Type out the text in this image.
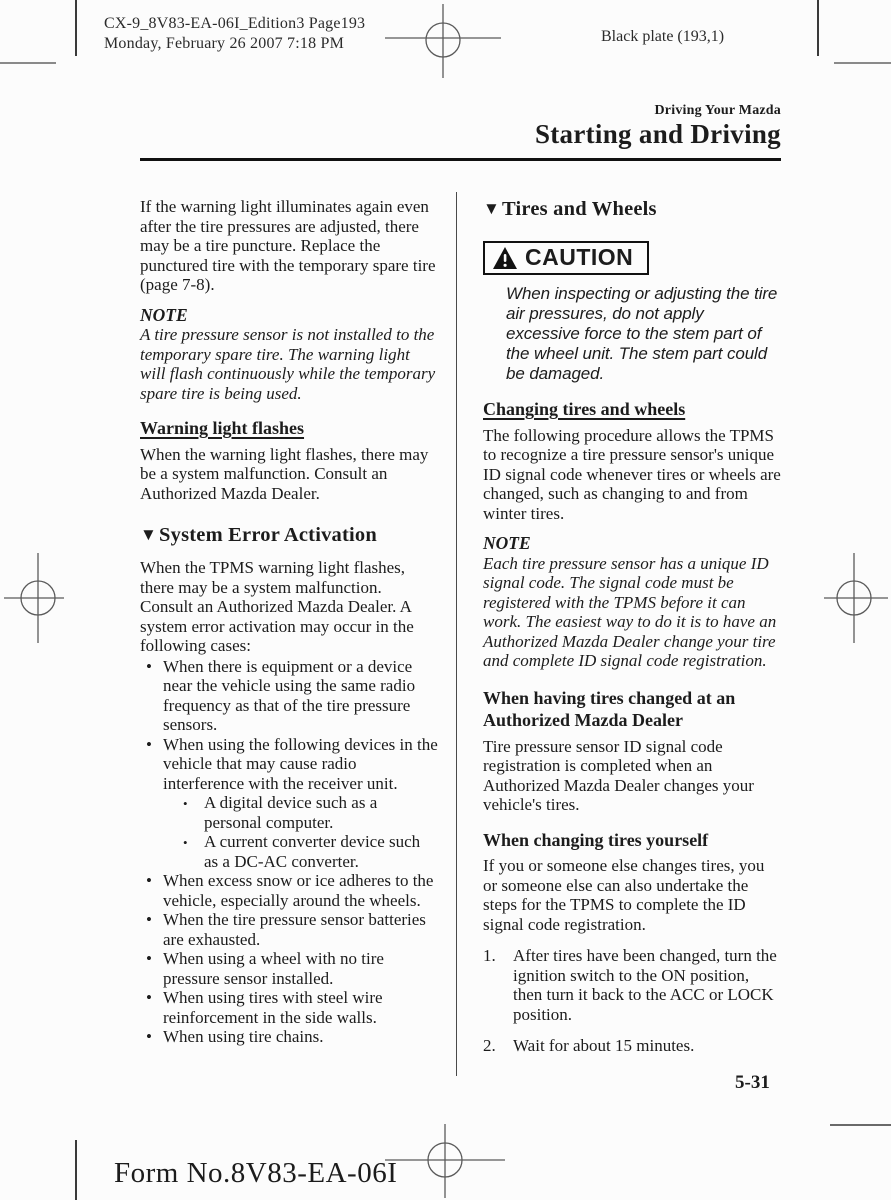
CX-9_8V83-EA-06I_Edition3 Page193
Monday, February 26 2007 7:18 PM	Black plate (193,1)
Driving Your Mazda
Starting and Driving

If the warning light illuminates again even after the tire pressures are adjusted, there may be a tire puncture. Replace the punctured tire with the temporary spare tire (page 7-8).

NOTE
A tire pressure sensor is not installed to the temporary spare tire. The warning light will flash continuously while the temporary spare tire is being used.
Warning light flashes

When the warning light flashes, there may be a system malfunction. Consult an Authorized Mazda Dealer.

▼System Error Activation

When the TPMS warning light flashes, there may be a system malfunction. Consult an Authorized Mazda Dealer. A system error activation may occur in the following cases:

• When there is equipment or a device near the vehicle using the same radio frequency as that of the tire pressure sensors.
• When using the following devices in the vehicle that may cause radio interference with the receiver unit.
• A digital device such as a personal computer.
• A current converter device such as a DC-AC converter.
• When excess snow or ice adheres to the vehicle, especially around the wheels.
• When the tire pressure sensor batteries are exhausted.
• When using a wheel with no tire pressure sensor installed.
• When using tires with steel wire reinforcement in the side walls.
• When using tire chains.
▼Tires and Wheels
CAUTION
When inspecting or adjusting the tire air pressures, do not apply excessive force to the stem part of the wheel unit. The stem part could be damaged.
Changing tires and wheels

The following procedure allows the TPMS to recognize a tire pressure sensor's unique ID signal code whenever tires or wheels are changed, such as changing to and from winter tires.

NOTE
Each tire pressure sensor has a unique ID signal code. The signal code must be registered with the TPMS before it can work. The easiest way to do it is to have an Authorized Mazda Dealer change your tire and complete ID signal code registration.
When having tires changed at an Authorized Mazda Dealer

Tire pressure sensor ID signal code registration is completed when an Authorized Mazda Dealer changes your vehicle's tires.

When changing tires yourself

If you or someone else changes tires, you or someone else can also undertake the steps for the TPMS to complete the ID signal code registration.

1.	After tires have been changed, turn the ignition switch to the ON position, then turn it back to the ACC or LOCK position.
2.	Wait for about 15 minutes.
5-31
Form No.8V83-EA-06I
